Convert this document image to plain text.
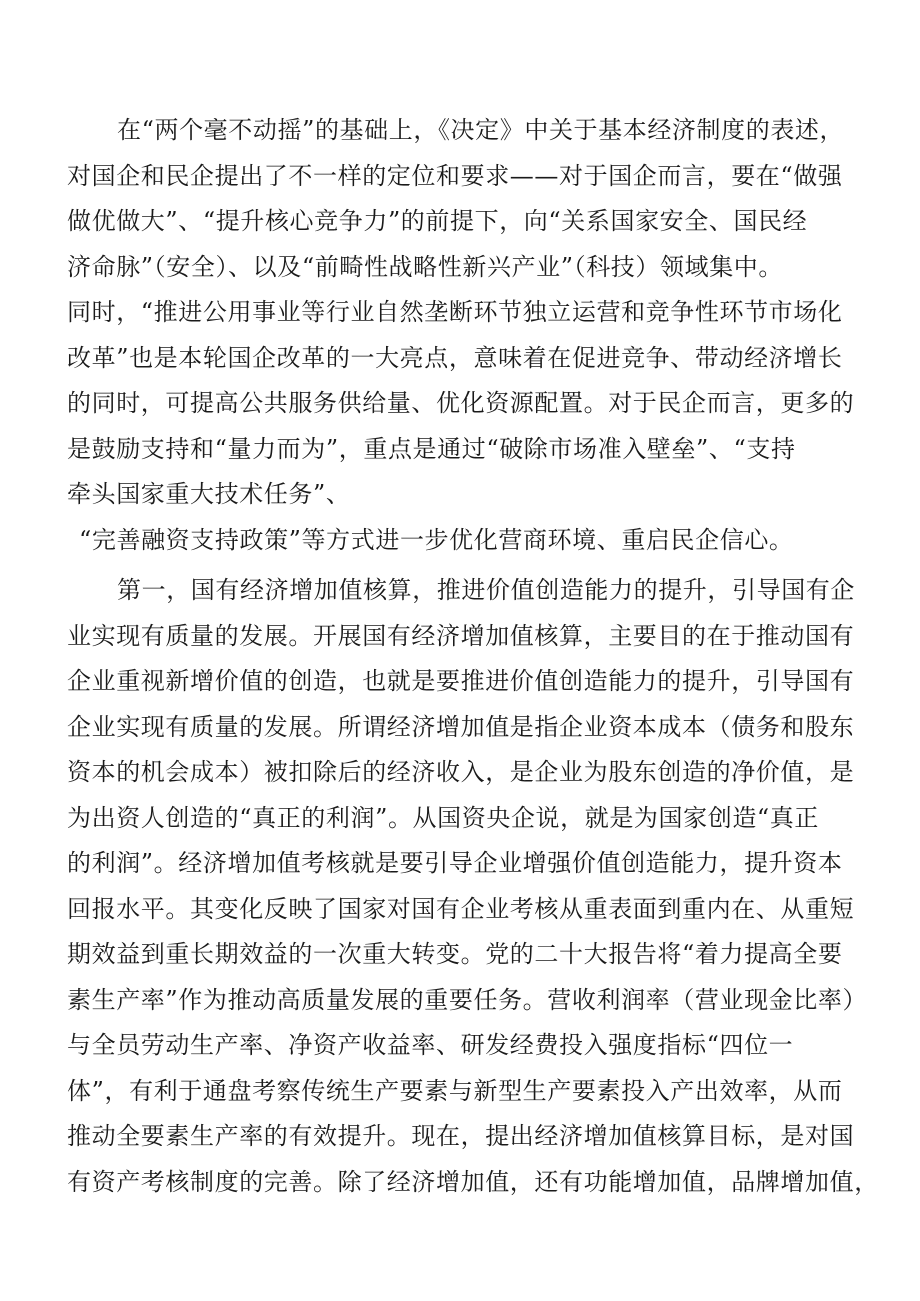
在“两个毫不动摇”的基础上，《决定》中关于基本经济制度的表述，
对国企和民企提出了不一样的定位和要求——对于国企而言，要在“做强
做优做大”、“提升核心竞争力”的前提下，向“关系国家安全、国民经
济命脉”（安全）、以及“前畸性战略性新兴产业”（科技）领域集中。
同时，“推进公用事业等行业自然垄断环节独立运营和竞争性环节市场化
改革”也是本轮国企改革的一大亮点，意味着在促进竞争、带动经济增长
的同时，可提高公共服务供给量、优化资源配置。对于民企而言，更多的
是鼓励支持和“量力而为”，重点是通过“破除市场准入壁垒”、“支持
牵头国家重大技术任务”、
“完善融资支持政策”等方式进一步优化营商环境、重启民企信心。
第一，国有经济增加值核算，推进价值创造能力的提升，引导国有企
业实现有质量的发展。开展国有经济增加值核算，主要目的在于推动国有
企业重视新增价值的创造，也就是要推进价值创造能力的提升，引导国有
企业实现有质量的发展。所谓经济增加值是指企业资本成本（债务和股东
资本的机会成本）被扣除后的经济收入，是企业为股东创造的净价值，是
为出资人创造的“真正的利润”。从国资央企说，就是为国家创造“真正
的利润”。经济增加值考核就是要引导企业增强价值创造能力，提升资本
回报水平。其变化反映了国家对国有企业考核从重表面到重内在、从重短
期效益到重长期效益的一次重大转变。党的二十大报告将“着力提高全要
素生产率”作为推动高质量发展的重要任务。营收利润率（营业现金比率）
与全员劳动生产率、净资产收益率、研发经费投入强度指标“四位一
体”，有利于通盘考察传统生产要素与新型生产要素投入产出效率，从而
推动全要素生产率的有效提升。现在，提出经济增加值核算目标，是对国
有资产考核制度的完善。除了经济增加值，还有功能增加值，品牌增加值，
